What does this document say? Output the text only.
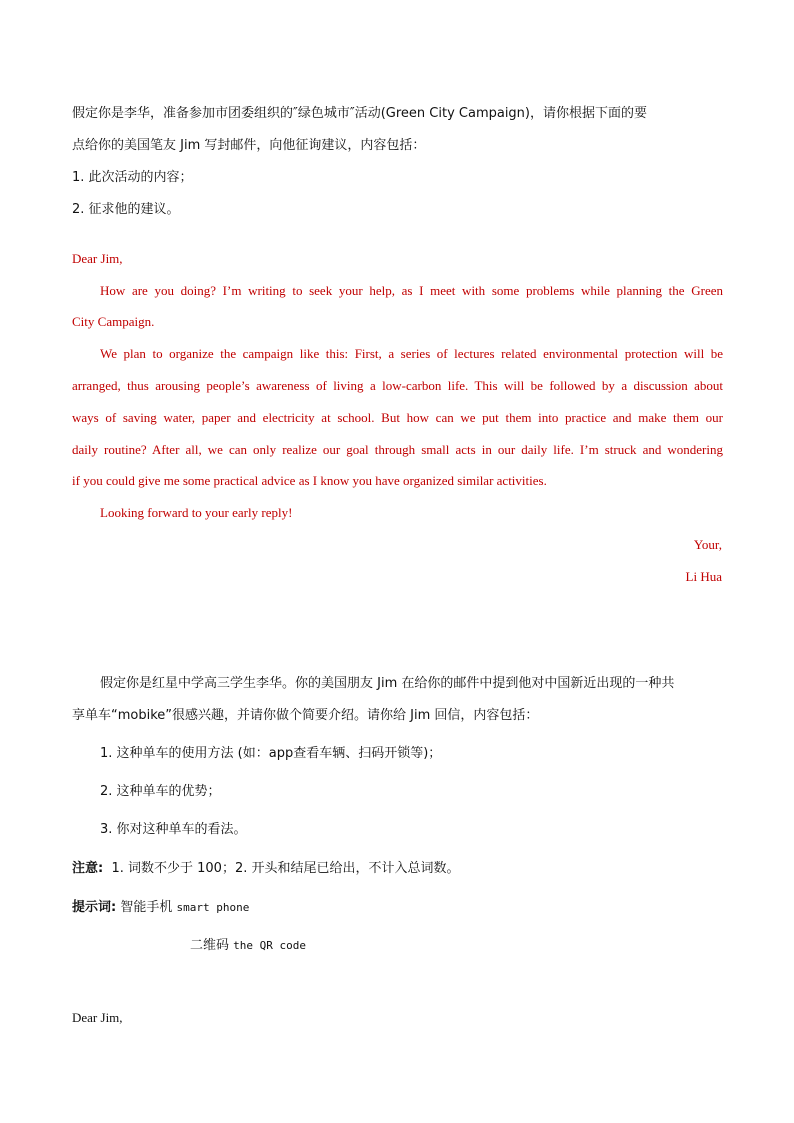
假定你是李华，准备参加市团委组织的″绿色城市″活动(Green City Campaign)，请你根据下面的要
点给你的美国笔友 Jim 写封邮件，向他征询建议，内容包括：
1. 此次活动的内容；
2. 征求他的建议。
Dear Jim,
How are you doing? I’m writing to seek your help, as I meet with some problems while planning the Green
City Campaign.
We plan to organize the campaign like this: First, a series of lectures related environmental protection will be
arranged, thus arousing people’s awareness of living a low-carbon life. This will be followed by a discussion about
ways of saving water, paper and electricity at school. But how can we put them into practice and make them our
daily routine? After all, we can only realize our goal through small acts in our daily life. I’m struck and wondering
if you could give me some practical advice as I know you have organized similar activities.
Looking forward to your early reply!
Your,
Li Hua
假定你是红星中学高三学生李华。你的美国朋友 Jim 在给你的邮件中提到他对中国新近出现的一种共
享单车“mobike”很感兴趣，并请你做个简要介绍。请你给 Jim 回信，内容包括：
1. 这种单车的使用方法 (如：app查看车辆、扫码开锁等)；
2. 这种单车的优势；
3. 你对这种单车的看法。
注意: 1. 词数不少于 100；2. 开头和结尾已给出，不计入总词数。
提示词: 智能手机 smart phone
二维码 the QR code
Dear Jim,
